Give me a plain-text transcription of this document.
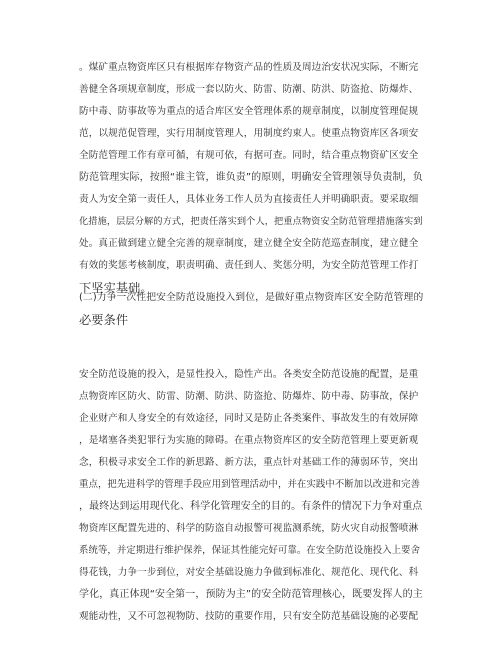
。煤矿重点物资库区只有根据库存物资产品的性质及周边治安状况实际，不断完
善健全各项规章制度，形成一套以防火、防雷、防潮、防洪、防盗抢、防爆炸、
防中毒、防事故等为重点的适合库区安全管理体系的规章制度，以制度管理促规
范，以规范促管理，实行用制度管理人，用制度约束人。使重点物资库区各项安
全防范管理工作有章可循，有规可依，有据可查。同时，结合重点物资矿区安全
防范管理实际，按照“谁主管，谁负责”的原则，明确安全管理领导负责制，负
责人为安全第一责任人，具体业务工作人员为直接责任人并明确职责。要采取细
化措施，层层分解的方式，把责任落实到个人，把重点物资安全防范管理措施落实到
处。真正做到建立健全完善的规章制度，建立健全安全防范巡查制度，建立健全
有效的奖惩考核制度，职责明确、责任到人、奖惩分明，为安全防范管理工作打
下坚实基础。
(二)力争一次性把安全防范设施投入到位，是做好重点物资库区安全防范管理的
必要条件
安全防范设施的投入，是显性投入，隐性产出。各类安全防范设施的配置，是重
点物资库区防火、防雷、防潮、防洪、防盗抢、防爆炸、防中毒、防事故，保护
企业财产和人身安全的有效途径，同时又是防止各类案件、事故发生的有效屏障
，是堵塞各类犯罪行为实施的障碍。在重点物资库区的安全防范管理上要更新观
念，积极寻求安全工作的新思路、新方法，重点针对基础工作的薄弱环节，突出
重点，把先进科学的管理手段应用到管理活动中，并在实践中不断加以改进和完善
，最终达到运用现代化、科学化管理安全的目的。有条件的情况下力争对重点
物资库区配置先进的、科学的防盗自动报警可视监测系统，防火灾自动报警喷淋
系统等，并定期进行维护保养，保证其性能完好可靠。在安全防范设施投入上要舍
得花钱，力争一步到位，对安全基础设施力争做到标准化、规范化、现代化、科
学化，真正体现“安全第一，预防为主”的安全防范管理核心，既要发挥人的主
观能动性，又不可忽视物防、技防的重要作用，只有安全防范基础设施的必要配
